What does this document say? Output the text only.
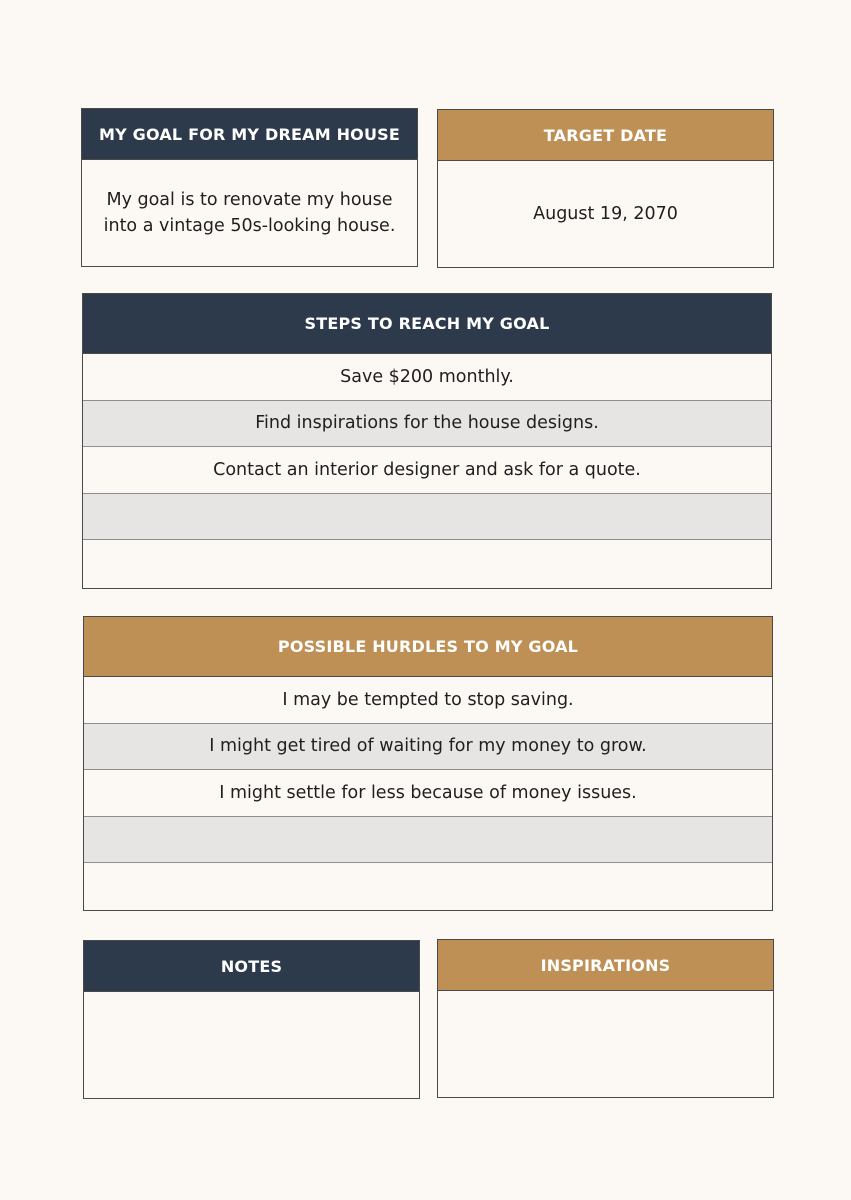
MY GOAL FOR MY DREAM HOUSE
My goal is to renovate my house into a vintage 50s-looking house.
TARGET DATE
August 19, 2070
STEPS TO REACH MY GOAL
Save $200 monthly.
Find inspirations for the house designs.
Contact an interior designer and ask for a quote.
POSSIBLE HURDLES TO MY GOAL
I may be tempted to stop saving.
I might get tired of waiting for my money to grow.
I might settle for less because of money issues.
NOTES	INSPIRATIONS
